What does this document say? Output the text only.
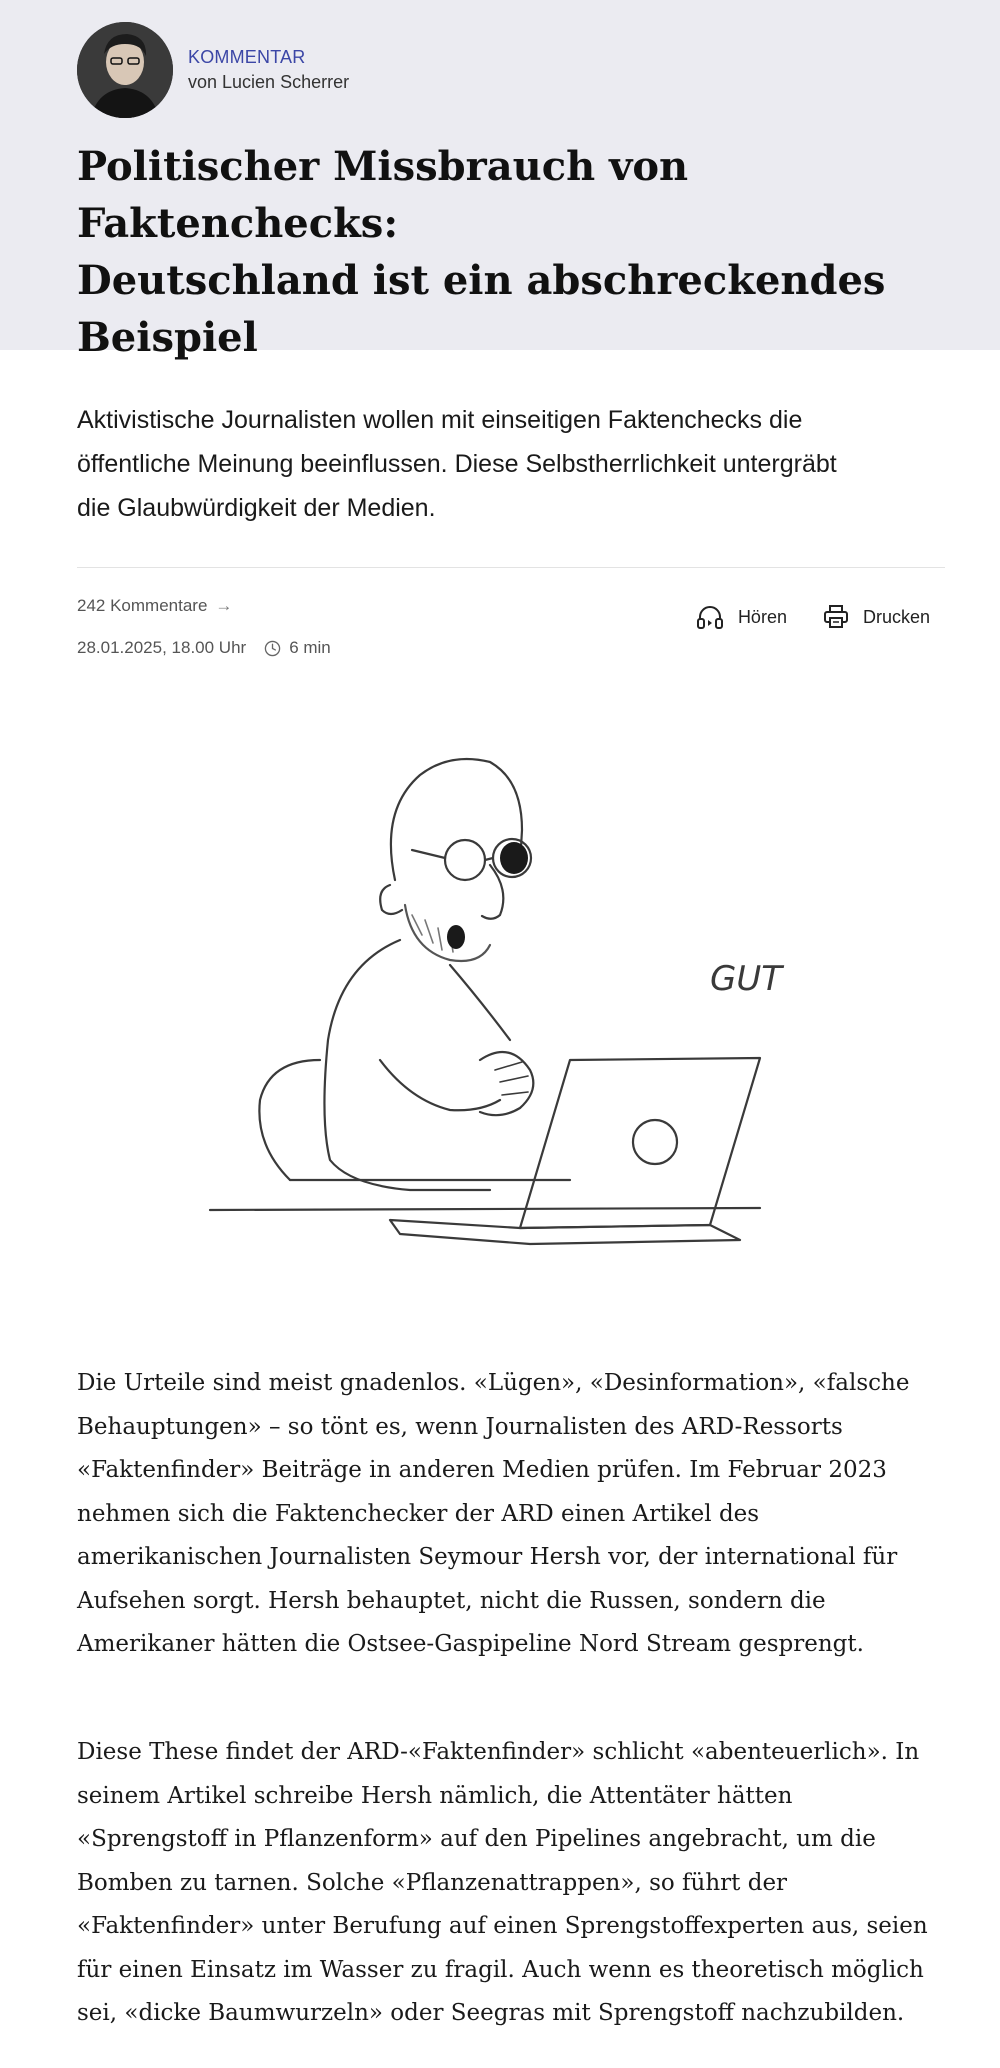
KOMMENTAR
von Lucien Scherrer
Politischer Missbrauch von Faktenchecks:
Deutschland ist ein abschreckendes
Beispiel
Aktivistische Journalisten wollen mit einseitigen Faktenchecks die
öffentliche Meinung beeinflussen. Diese Selbstherrlichkeit untergräbt
die Glaubwürdigkeit der Medien.
242 Kommentare →
28.01.2025, 18.00 Uhr	6 min
Hören	Drucken
GUT
Die Urteile sind meist gnadenlos. «Lügen», «Desinformation», «falsche
Behauptungen» – so tönt es, wenn Journalisten des ARD-Ressorts
«Faktenfinder» Beiträge in anderen Medien prüfen. Im Februar 2023
nehmen sich die Faktenchecker der ARD einen Artikel des
amerikanischen Journalisten Seymour Hersh vor, der international für
Aufsehen sorgt. Hersh behauptet, nicht die Russen, sondern die
Amerikaner hätten die Ostsee-Gaspipeline Nord Stream gesprengt.
Diese These findet der ARD-«Faktenfinder» schlicht «abenteuerlich». In
seinem Artikel schreibe Hersh nämlich, die Attentäter hätten
«Sprengstoff in Pflanzenform» auf den Pipelines angebracht, um die
Bomben zu tarnen. Solche «Pflanzenattrappen», so führt der
«Faktenfinder» unter Berufung auf einen Sprengstoffexperten aus, seien
für einen Einsatz im Wasser zu fragil. Auch wenn es theoretisch möglich
sei, «dicke Baumwurzeln» oder Seegras mit Sprengstoff nachzubilden.
